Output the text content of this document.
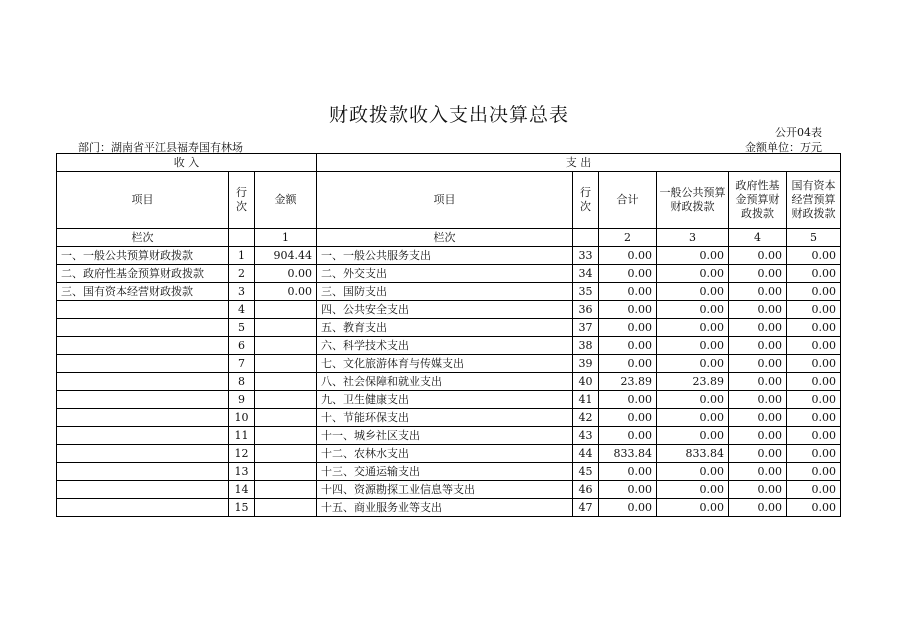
财政拨款收入支出决算总表
公开04表
部门：湖南省平江县福寿国有林场	金额单位：万元
收 入			支 出					
项目	行次	金额	项目	行次	合计	一般公共预算财政拨款	政府性基金预算财政拨款	国有资本经营预算财政拨款
栏次		1	栏次		2	3	4	5
一、一般公共预算财政拨款	1	904.44	一、一般公共服务支出	33	0.00	0.00	0.00	0.00
二、政府性基金预算财政拨款	2	0.00	二、外交支出	34	0.00	0.00	0.00	0.00
三、国有资本经营财政拨款	3	0.00	三、国防支出	35	0.00	0.00	0.00	0.00
	4		四、公共安全支出	36	0.00	0.00	0.00	0.00
	5		五、教育支出	37	0.00	0.00	0.00	0.00
	6		六、科学技术支出	38	0.00	0.00	0.00	0.00
	7		七、文化旅游体育与传媒支出	39	0.00	0.00	0.00	0.00
	8		八、社会保障和就业支出	40	23.89	23.89	0.00	0.00
	9		九、卫生健康支出	41	0.00	0.00	0.00	0.00
	10		十、节能环保支出	42	0.00	0.00	0.00	0.00
	11		十一、城乡社区支出	43	0.00	0.00	0.00	0.00
	12		十二、农林水支出	44	833.84	833.84	0.00	0.00
	13		十三、交通运输支出	45	0.00	0.00	0.00	0.00
	14		十四、资源勘探工业信息等支出	46	0.00	0.00	0.00	0.00
	15		十五、商业服务业等支出	47	0.00	0.00	0.00	0.00
